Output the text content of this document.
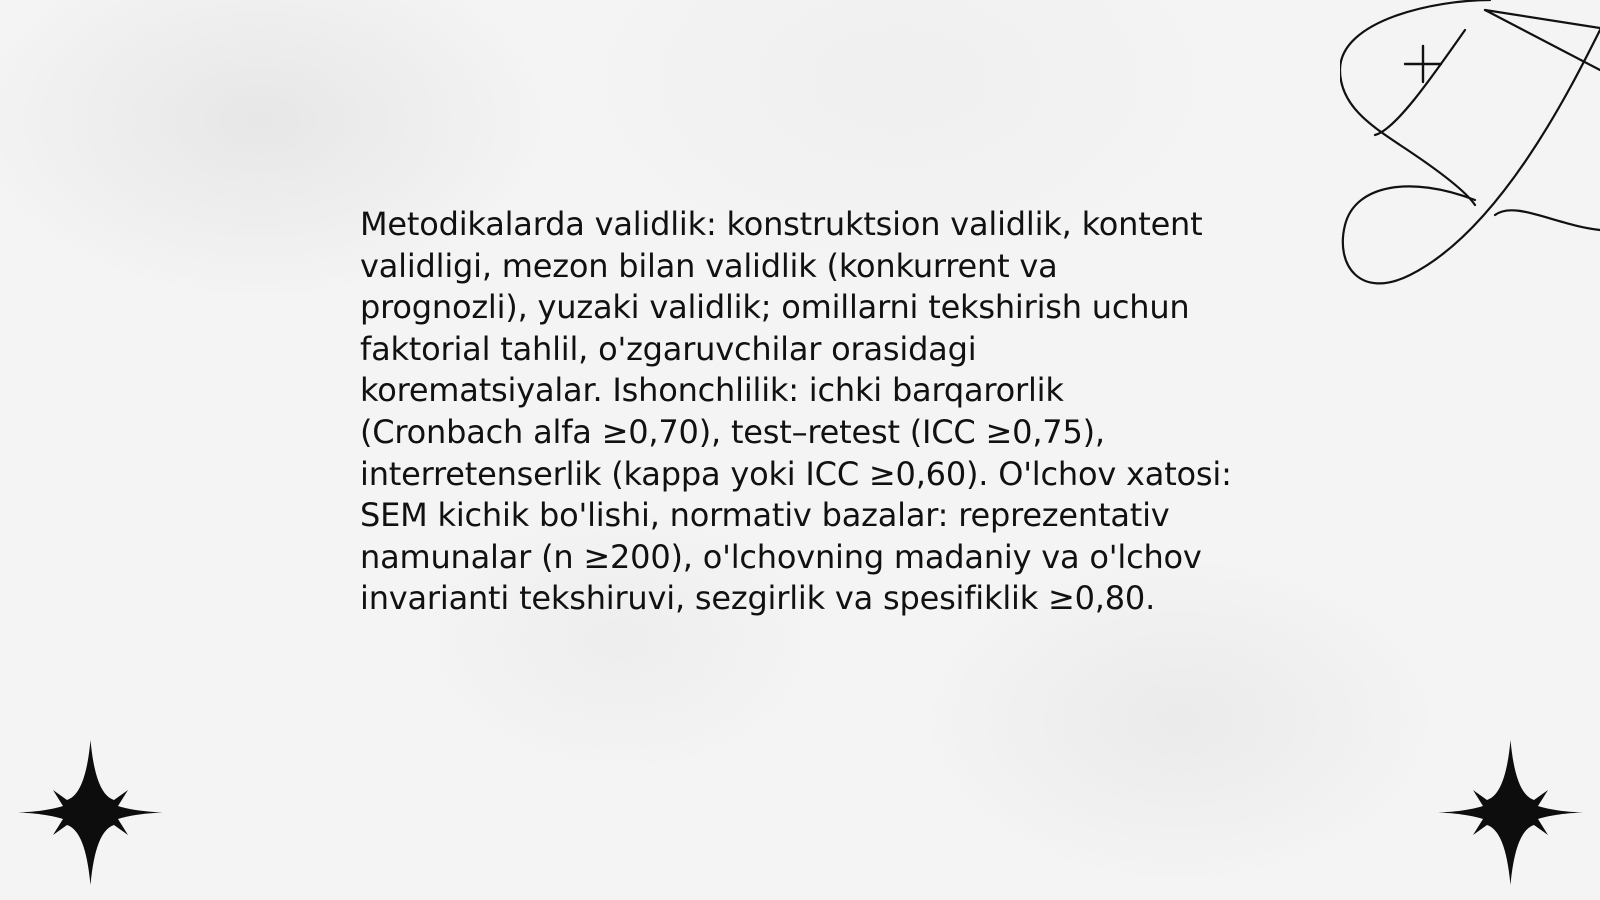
Metodikalarda validlik: konstruktsion validlik, kontent
validligi, mezon bilan validlik (konkurrent va
prognozli), yuzaki validlik; omillarni tekshirish uchun
faktorial tahlil, o'zgaruvchilar orasidagi
korematsiyalar. Ishonchlilik: ichki barqarorlik
(Cronbach alfa ≥0,70), test–retest (ICC ≥0,75),
interretenserlik (kappa yoki ICC ≥0,60). O'lchov xatosi:
SEM kichik bo'lishi, normativ bazalar: reprezentativ
namunalar (n ≥200), o'lchovning madaniy va o'lchov
invarianti tekshiruvi, sezgirlik va spesifiklik ≥0,80.
